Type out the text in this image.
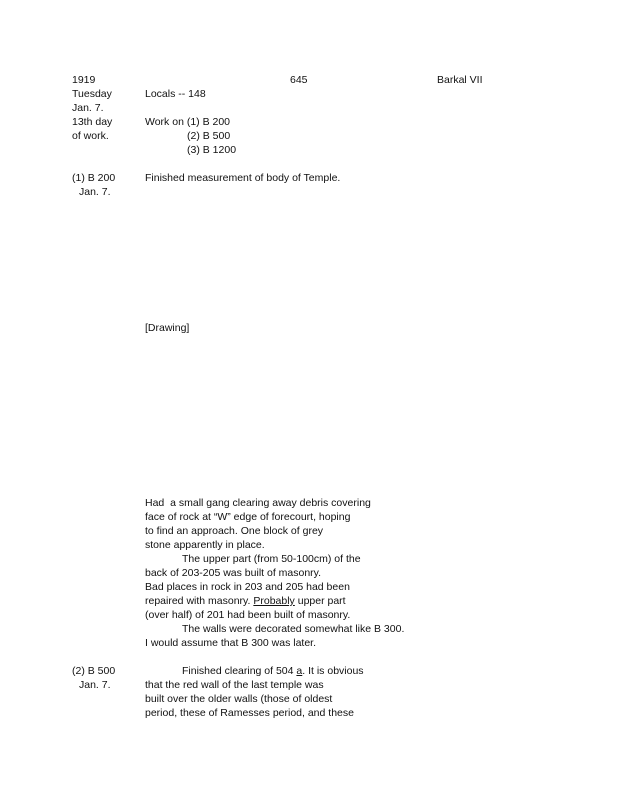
1919	645	Barkal VII
Tuesday
Jan. 7.
13th day
of work.
Locals -- 148
Work on (1) B 200
(2) B 500
(3) B 1200
(1) B 200
Jan. 7.
Finished measurement of body of Temple.
[Drawing]
Had  a small gang clearing away debris covering
face of rock at “W” edge of forecourt, hoping
to find an approach. One block of grey
stone apparently in place.
The upper part (from 50-100cm) of the
back of 203-205 was built of masonry.
Bad places in rock in 203 and 205 had been
repaired with masonry. Probably upper part
(over half) of 201 had been built of masonry.
The walls were decorated somewhat like B 300.
I would assume that B 300 was later.
(2) B 500
Jan. 7.
Finished clearing of 504 a. It is obvious
that the red wall of the last temple was
built over the older walls (those of oldest
period, these of Ramesses period, and these
